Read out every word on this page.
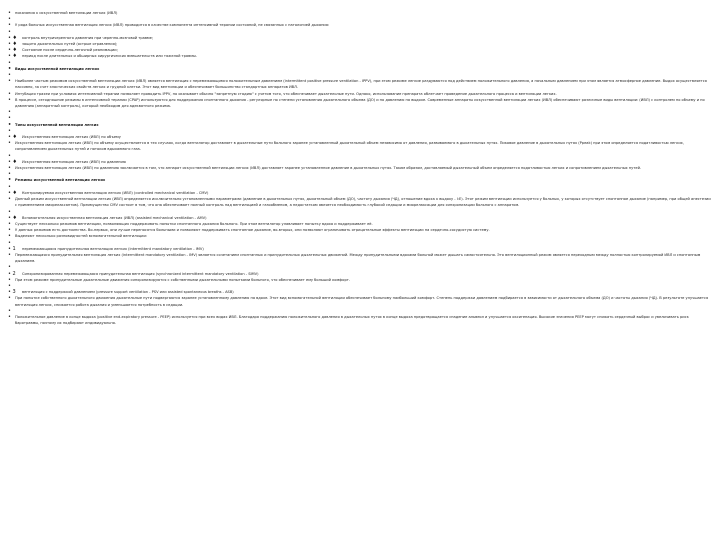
•	показания к искусственной вентиляции легких (ИВЛ)

•

•	У ряда больных искусственная вентиляция легких (ИВЛ) проводится в качестве компонента интенсивной терапии состояний, не связанных с патологией дыхания:

•

• ♦	контроль внутричерепного давления при черепно-мозговой травме;

• ♦	защита дыхательных путей (острые отравления);

• ♦	Состояние после сердечно-легочной реанимации;

• ♦	период после длительных и обширных хирургических вмешательств или тяжелой травмы.

•

•	Виды искусственной вентиляции легких

•

•	Наиболее частым режимом искусственной вентиляции легких (ИВЛ) является вентиляция с перемежающимся положительным давлением (intermittent positive pressure ventilation - IPPV), при этом режиме легкие раздуваются под действием положительного давления, а начальным давлением при этом является атмосферное давление. Выдох осуществляется пассивно, за счет эластических свойств легких и грудной клетки. Этот вид вентиляции и обеспечивает большинство стандартных аппаратов ИВЛ.

•	Интубация трахеи при условиях интенсивной терапии позволяет проводить IPPV, но оказывает обычно "запретную стадию" с учетом того, что обеспечивает дыхательные пути. Однако, использование препарата облегчает проведение дыхательного процесса и вентиляции легких.

•	В процессе, сегодняшние режимы в интенсивной терапии (CPAP) используются для поддержания спонтанного дыхания - регулярные по степени установления дыхательного объема (ДО) и по давлению на выдохе. Современные аппараты искусственной вентиляции легких (ИВЛ) обеспечивают различные виды вентиляции: (ИВЛ) с контролем по объему и по давлению (аппаратный контроль), который необходим для адекватного режима.

•

•

•	Типы искусственной вентиляции легких

•

• ♦	Искусственная вентиляция легких (ИВЛ) по объему

•	Искусственная вентиляция легких (ИВЛ) по объему осуществляется в тех случаях, когда вентилятор доставляет в дыхательные пути больного заранее установленный дыхательный объем независимо от давления, развиваемого в дыхательных путях. Пиковое давление в дыхательных путях (Ppeak) при этом определяется податливостью легких, сопротивлением дыхательных путей и потоком вдыхаемого газа.

•

• ♦	Искусственная вентиляция легких (ИВЛ) по давлению

•	Искусственная вентиляция легких (ИВЛ) по давлению заключается в том, что аппарат искусственной вентиляции легких (ИВЛ) доставляет заранее установленное давление в дыхательных путях. Таким образом, доставляемый дыхательный объем определяется податливостью легких и сопротивлением дыхательных путей.

•

•	Режимы искусственной вентиляции легких

•

• ♦	Контролируемая искусственная вентиляция легких (ИВЛ) (controlled mechanical ventilation - CMV)

•	Данный режим искусственной вентиляции легких (ИВЛ) определяется исключительно установленными параметрами (давление в дыхательных путях, дыхательный объем (ДО), частоту дыхания (ЧД), отношение вдоха к выдоху - I:E). Этот режим вентиляции используется у больных, у которых отсутствует спонтанное дыхание (например, при общей анестезии с применением миорелаксантов). Преимущество CMV состоит в том, что она обеспечивает полный контроль над вентиляцией и газообменом, а недостатком является необходимость глубокой седации и миорелаксации для синхронизации больного с аппаратом.

•

• ♦	Вспомогательная искусственная вентиляция легких (ИВЛ) (assisted mechanical ventilation - AMV)

•	Существует несколько режимов вентиляции, позволяющих поддерживать попытки спонтанного дыхания больного. При этом вентилятор улавливает попытку вдоха и поддерживает её.

•	У данных режимов есть достоинства. Во-первых, они лучше переносятся больными и позволяют поддерживать спонтанное дыхание, во-вторых, они позволяют ограничивать отрицательные эффекты вентиляции на сердечно-сосудистую систему.

•	Выделяют несколько разновидностей вспомогательной вентиляции:

•

• 1	перемежающаяся принудительная вентиляция легких (intermittent mandatory ventilation - IMV)

•	Перемежающаяся принудительная вентиляция легких (intermittent mandatory ventilation - IMV) является сочетанием спонтанных и принудительных дыхательных движений. Между принудительными вдохами больной может дышать самостоятельно. Это вентиляционный режим является переходным между полностью контролируемой ИВЛ и спонтанным дыханием.

•

• 2	Синхронизированная перемежающаяся принудительная вентиляция (synchronized intermittent mandatory ventilation - SIMV)

•	При этом режиме принудительные дыхательные движения синхронизируются с собственными дыхательными попытками больного, что обеспечивает ему больший комфорт.

•

• 3	вентиляция с поддержкой давлением (pressure support ventilation - PSV или assisted spontaneous breaths - ASB)

•	При попытке собственного дыхательного движения дыхательные пути подвергаются заранее установленному давлению на вдохе. Этот вид вспомогательной вентиляции обеспечивает больному наибольший комфорт. Степень поддержки давлением подбирается в зависимости от дыхательного объема (ДО) и частоты дыхания (ЧД). В результате улучшается вентиляция легких, снижается работа дыхания и уменьшается потребность в седации.

•

•	Положительное давление в конце выдоха (positive end-expiratory pressure - PEEP) используется при всех видах ИВЛ. Благодаря поддержанию положительного давления в дыхательных путях в конце выдоха предотвращается спадение альвеол и улучшается оксигенация. Высокие значения PEEP могут снижать сердечный выброс и увеличивать риск баротравмы, поэтому их подбирают индивидуально.
